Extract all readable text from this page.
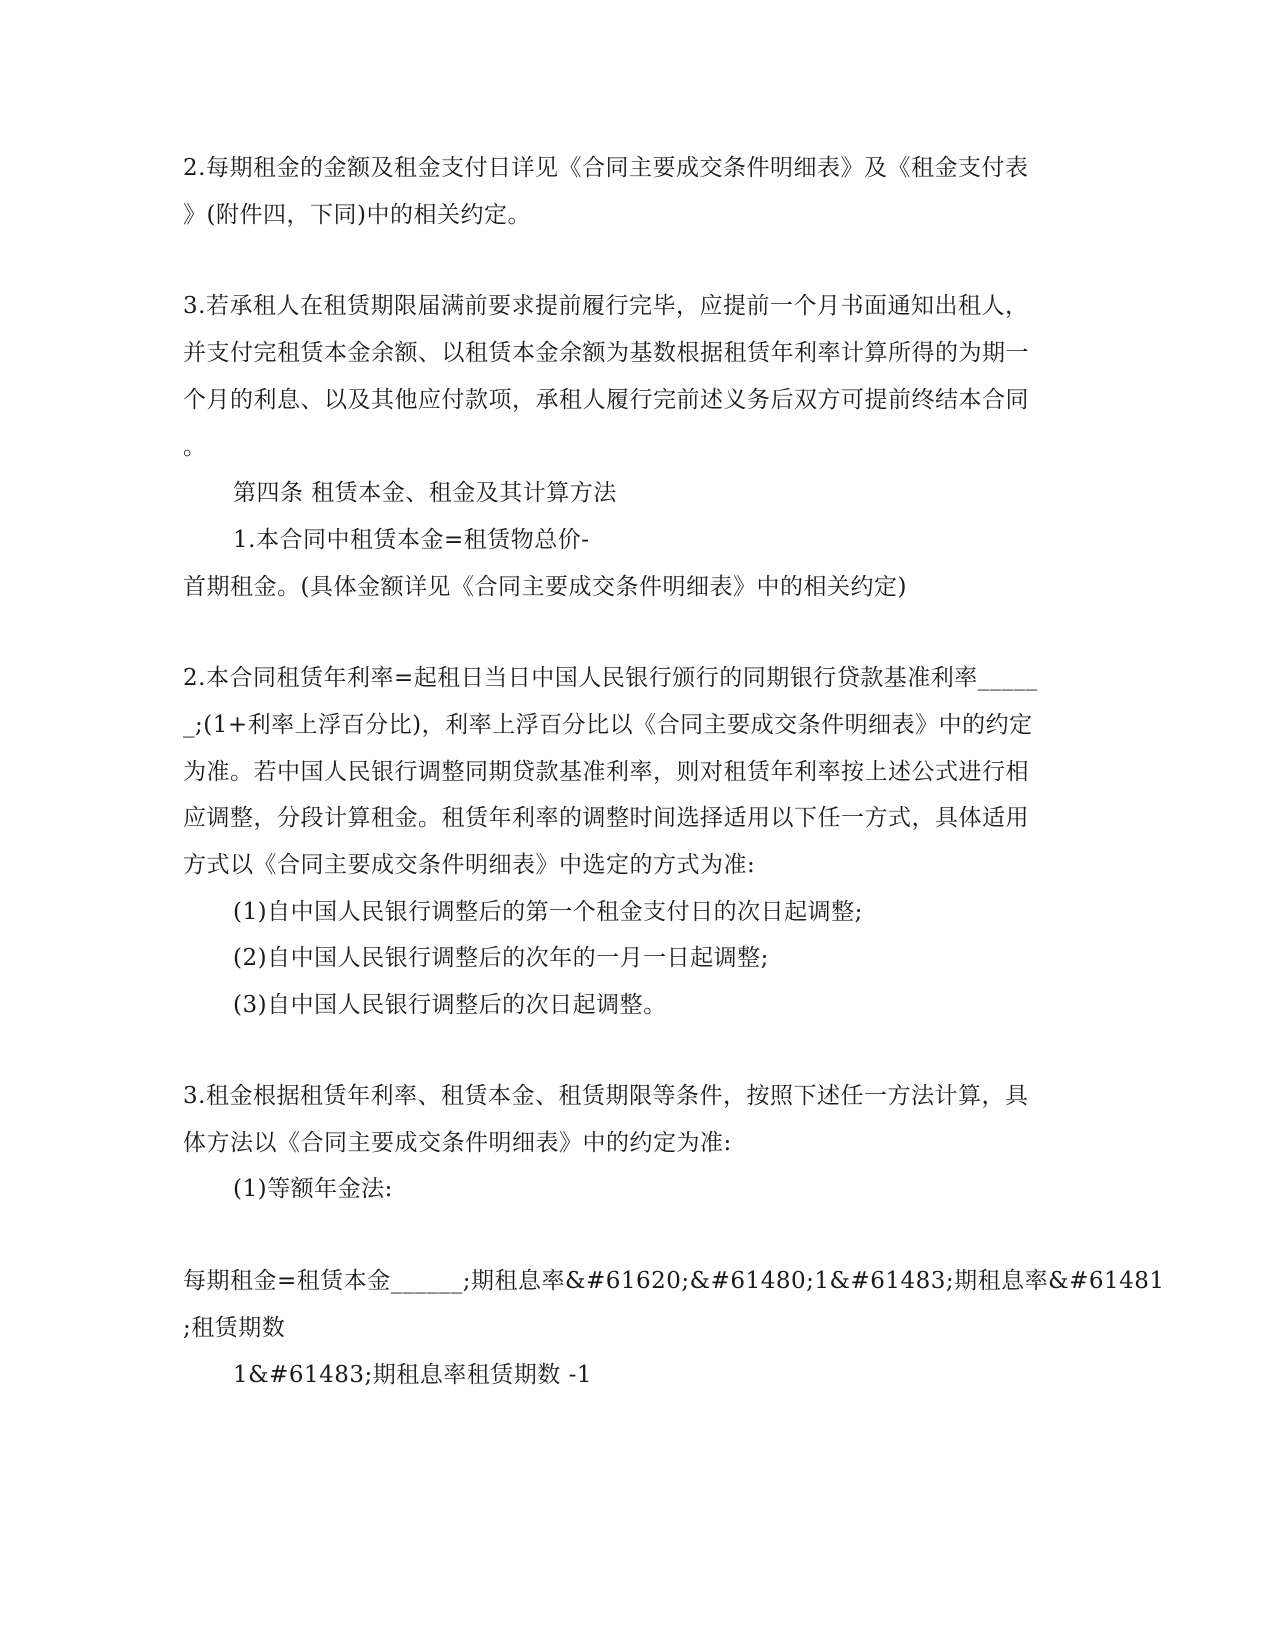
2.每期租金的金额及租金支付日详见《合同主要成交条件明细表》及《租金支付表
》(附件四，下同)中的相关约定。
3.若承租人在租赁期限届满前要求提前履行完毕，应提前一个月书面通知出租人，
并支付完租赁本金余额、以租赁本金余额为基数根据租赁年利率计算所得的为期一
个月的利息、以及其他应付款项，承租人履行完前述义务后双方可提前终结本合同
。
第四条 租赁本金、租金及其计算方法
1.本合同中租赁本金=租赁物总价-
首期租金。(具体金额详见《合同主要成交条件明细表》中的相关约定)
2.本合同租赁年利率=起租日当日中国人民银行颁行的同期银行贷款基准利率_____
_;(1+利率上浮百分比)，利率上浮百分比以《合同主要成交条件明细表》中的约定
为准。若中国人民银行调整同期贷款基准利率，则对租赁年利率按上述公式进行相
应调整，分段计算租金。租赁年利率的调整时间选择适用以下任一方式，具体适用
方式以《合同主要成交条件明细表》中选定的方式为准:
(1)自中国人民银行调整后的第一个租金支付日的次日起调整;
(2)自中国人民银行调整后的次年的一月一日起调整;
(3)自中国人民银行调整后的次日起调整。
3.租金根据租赁年利率、租赁本金、租赁期限等条件，按照下述任一方法计算，具
体方法以《合同主要成交条件明细表》中的约定为准:
(1)等额年金法:
每期租金=租赁本金______;期租息率&#61620;&#61480;1&#61483;期租息率&#61481
;租赁期数
1&#61483;期租息率租赁期数 -1
